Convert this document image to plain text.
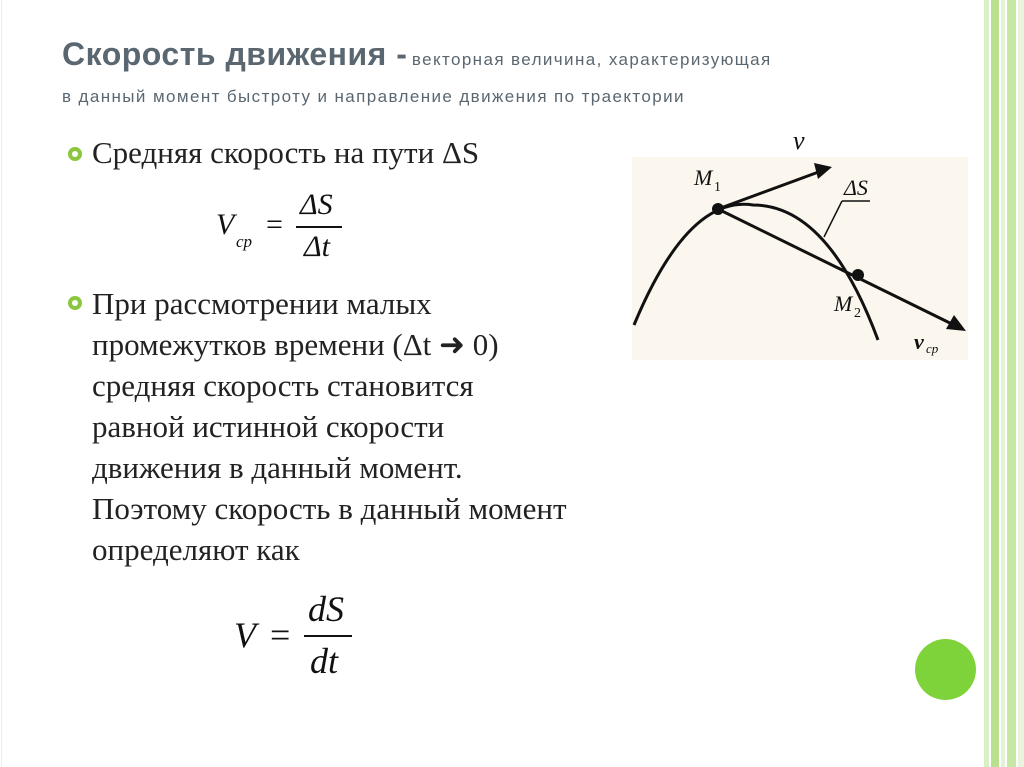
Скорость движения - векторная величина, характеризующая
в данный момент быстроту и направление движения по траектории
Средняя скорость на пути ΔS
V
ср
=
ΔS
Δt
При рассмотрении малых
промежутков времени (Δt ➜ 0)
средняя скорость становится
равной истинной скорости
движения в данный момент.
Поэтому скорость в данный момент
определяют как
V =
dS
dt
v
M 1
M 2
ΔS
v ср
